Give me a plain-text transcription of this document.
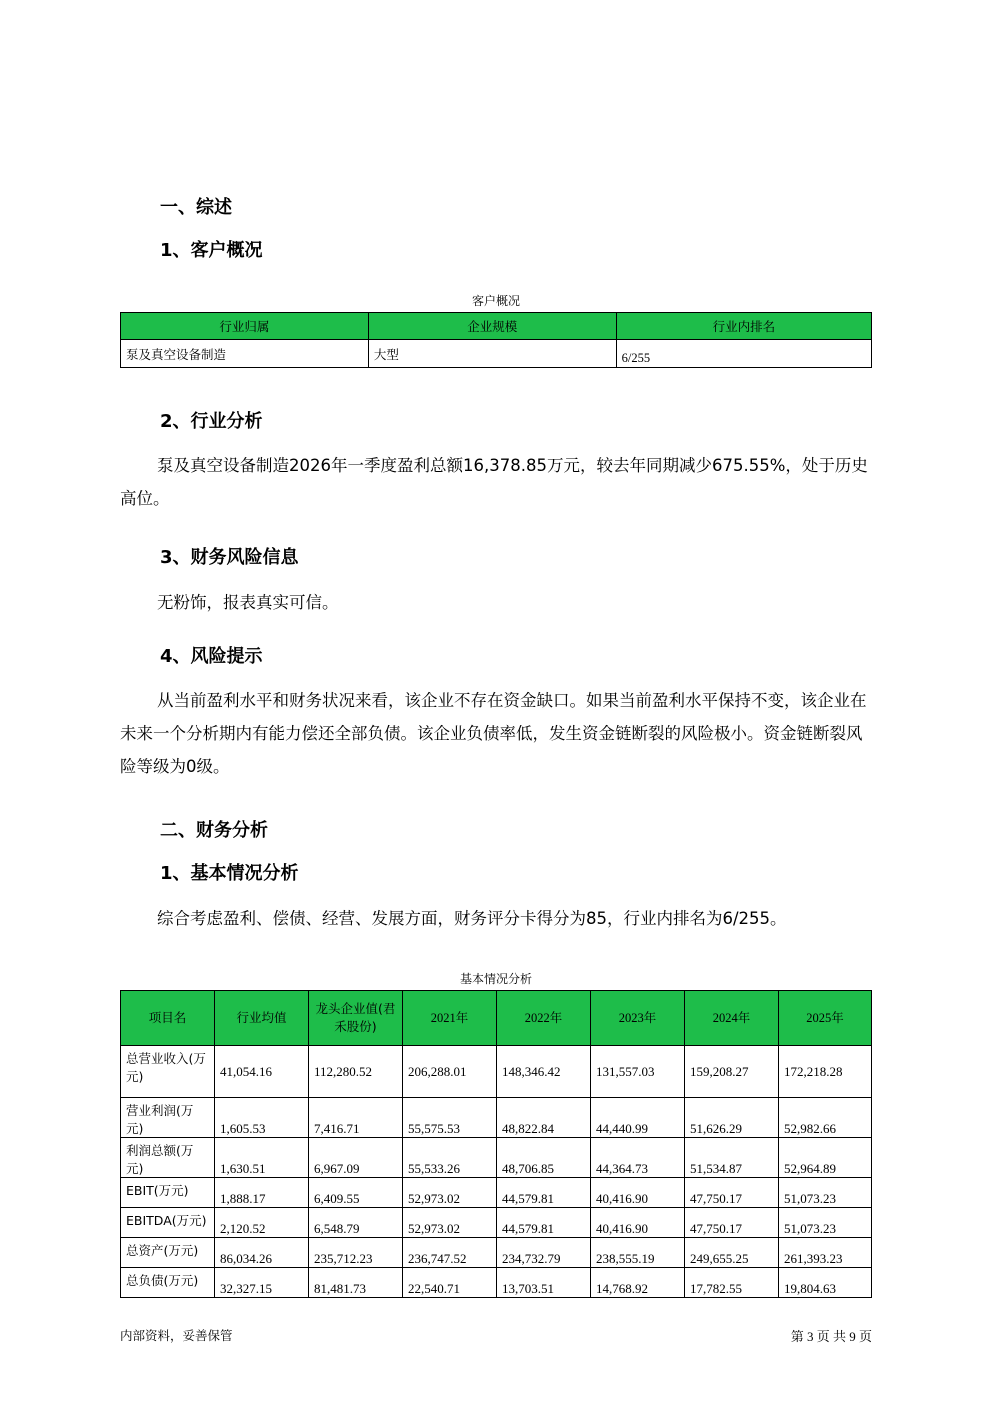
一、综述
1、客户概况
客户概况
行业归属	企业规模	行业内排名
泵及真空设备制造	大型	6/255
2、行业分析

泵及真空设备制造2026年一季度盈利总额16,378.85万元，较去年同期减少675.55%，处于历史高位。

3、财务风险信息

无粉饰，报表真实可信。

4、风险提示

从当前盈利水平和财务状况来看，该企业不存在资金缺口。如果当前盈利水平保持不变，该企业在未来一个分析期内有能力偿还全部负债。该企业负债率低，发生资金链断裂的风险极小。资金链断裂风险等级为0级。

二、财务分析
1、基本情况分析

综合考虑盈利、偿债、经营、发展方面，财务评分卡得分为85，行业内排名为6/255。

基本情况分析
项目名	行业均值	龙头企业值(君禾股份)	2021年	2022年	2023年	2024年	2025年
总营业收入(万元)	41,054.16	112,280.52	206,288.01	148,346.42	131,557.03	159,208.27	172,218.28
营业利润(万元)	1,605.53	7,416.71	55,575.53	48,822.84	44,440.99	51,626.29	52,982.66
利润总额(万元)	1,630.51	6,967.09	55,533.26	48,706.85	44,364.73	51,534.87	52,964.89
EBIT(万元)	1,888.17	6,409.55	52,973.02	44,579.81	40,416.90	47,750.17	51,073.23
EBITDA(万元)	2,120.52	6,548.79	52,973.02	44,579.81	40,416.90	47,750.17	51,073.23
总资产(万元)	86,034.26	235,712.23	236,747.52	234,732.79	238,555.19	249,655.25	261,393.23
总负债(万元)	32,327.15	81,481.73	22,540.71	13,703.51	14,768.92	17,782.55	19,804.63
内部资料，妥善保管	第 3 页 共 9 页
